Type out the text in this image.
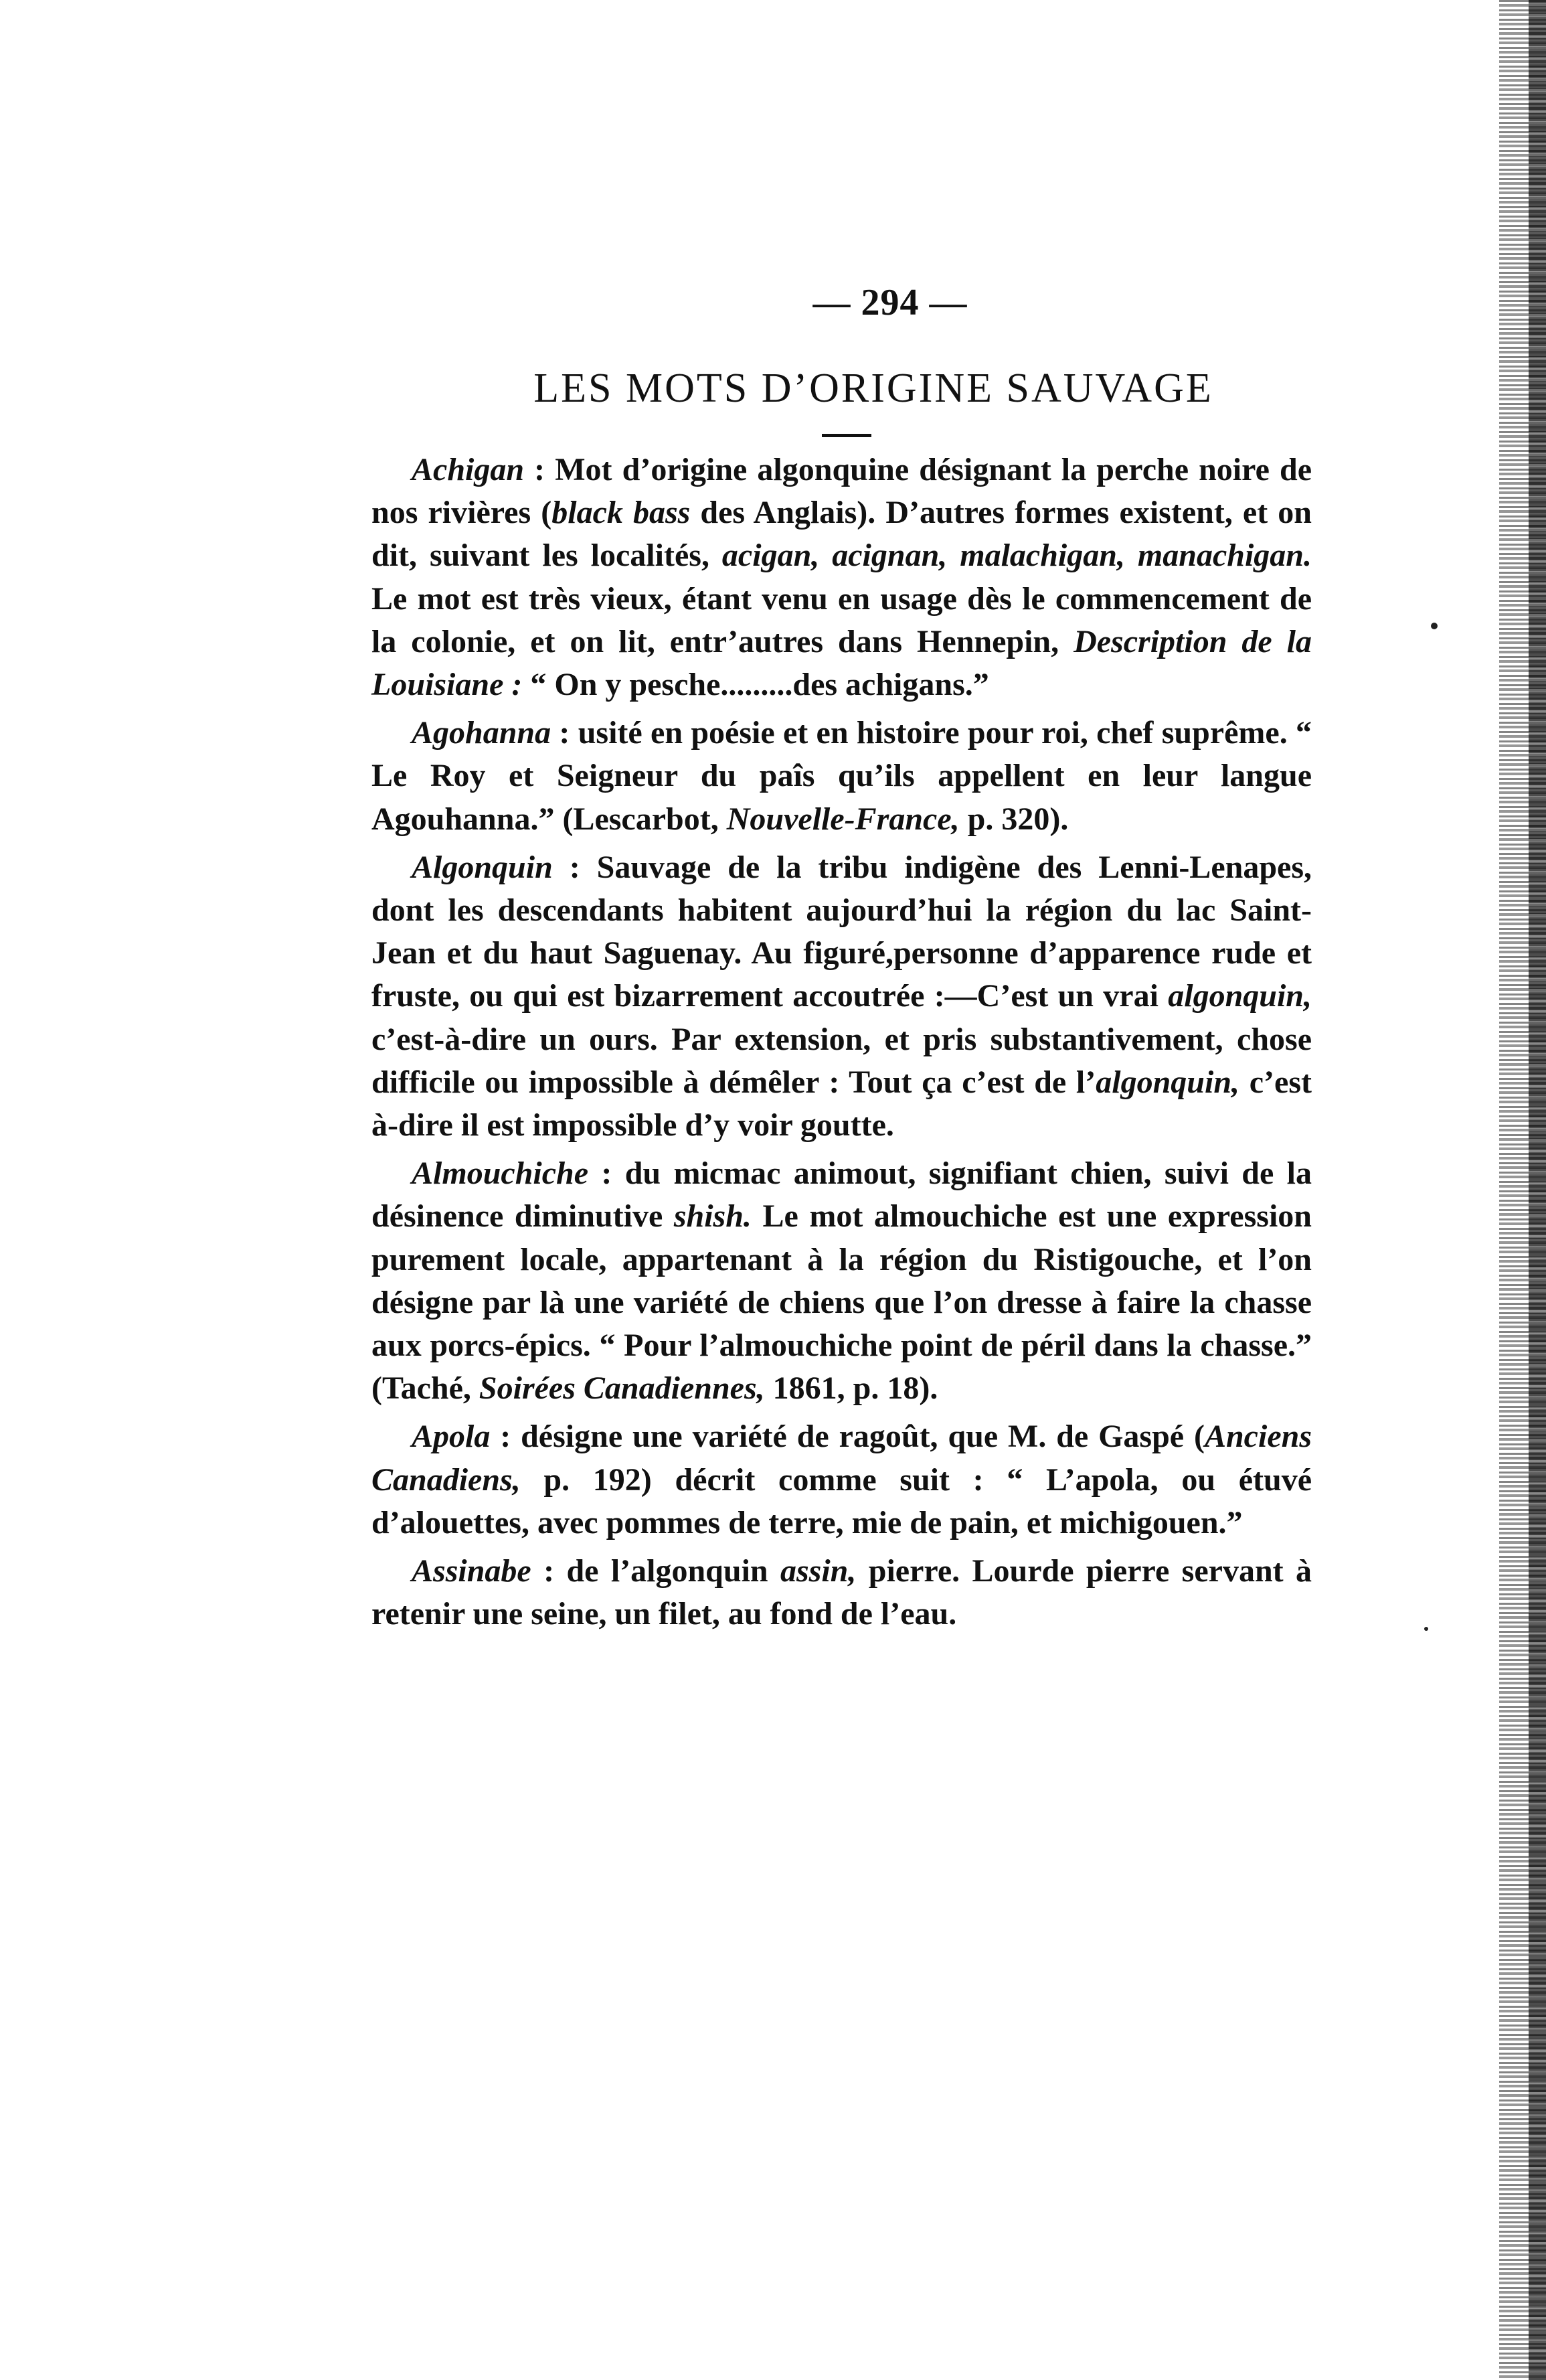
— 294 —
LES MOTS D’ORIGINE SAUVAGE

Achigan : Mot d’origine algonquine désignant la perche noire de nos rivières (black bass des Anglais). D’autres formes existent, et on dit, suivant les localités, acigan, acignan, malachigan, manachigan. Le mot est très vieux, étant venu en usage dès le commencement de la colonie, et on lit, entr’autres dans Hennepin, Description de la Louisiane : “ On y pesche.........des achigans.”

Agohanna : usité en poésie et en histoire pour roi, chef suprême. “ Le Roy et Seigneur du paîs qu’ils appellent en leur langue Agouhanna.” (Lescarbot, Nouvelle-France, p. 320).

Algonquin : Sauvage de la tribu indigène des Lenni-Lenapes, dont les descendants habitent aujourd’hui la région du lac Saint-Jean et du haut Saguenay. Au figuré,personne d’apparence rude et fruste, ou qui est bizarrement accoutrée :—C’est un vrai algonquin, c’est-à-dire un ours. Par extension, et pris substantivement, chose difficile ou impossible à démêler : Tout ça c’est de l’algonquin, c’est à-dire il est impossible d’y voir goutte.

Almouchiche : du micmac animout, signifiant chien, suivi de la désinence diminutive shish. Le mot almouchiche est une expression purement locale, appartenant à la région du Ristigouche, et l’on désigne par là une variété de chiens que l’on dresse à faire la chasse aux porcs-épics. “ Pour l’almouchiche point de péril dans la chasse.” (Taché, Soirées Canadiennes, 1861, p. 18).

Apola : désigne une variété de ragoût, que M. de Gaspé (Anciens Canadiens, p. 192) décrit comme suit : “ L’apola, ou étuvé d’alouettes, avec pommes de terre, mie de pain, et michigouen.”

Assinabe : de l’algonquin assin, pierre. Lourde pierre servant à retenir une seine, un filet, au fond de l’eau.
